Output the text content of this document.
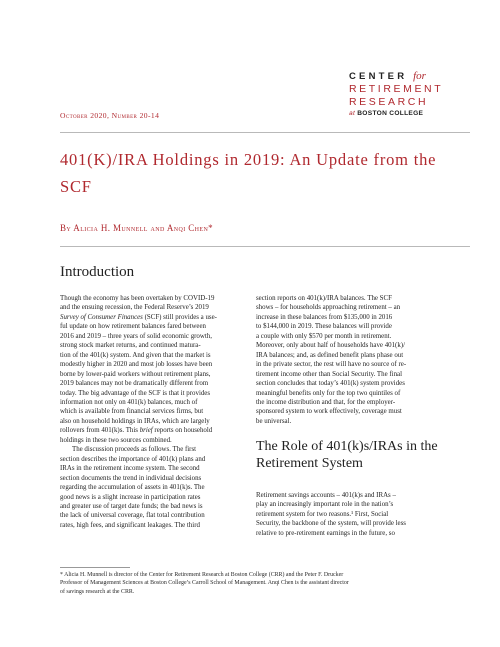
CENTER for
RETIREMENT
RESEARCH
at BOSTON COLLEGE
October 2020, Number 20-14
401(K)/IRA Holdings in 2019: An Update from the SCF
By Alicia H. Munnell and Anqi Chen*
Introduction

Though the economy has been overtaken by COVID-19
and the ensuing recession, the Federal Reserve’s 2019
Survey of Consumer Finances (SCF) still provides a use-
ful update on how retirement balances fared between
2016 and 2019 – three years of solid economic growth,
strong stock market returns, and continued matura-
tion of the 401(k) system. And given that the market is
modestly higher in 2020 and most job losses have been
borne by lower-paid workers without retirement plans,
2019 balances may not be dramatically different from
today. The big advantage of the SCF is that it provides
information not only on 401(k) balances, much of
which is available from financial services firms, but
also on household holdings in IRAs, which are largely
rollovers from 401(k)s. This brief reports on household
holdings in these two sources combined.

The discussion proceeds as follows. The first
section describes the importance of 401(k) plans and
IRAs in the retirement income system. The second
section documents the trend in individual decisions
regarding the accumulation of assets in 401(k)s. The
good news is a slight increase in participation rates
and greater use of target date funds; the bad news is
the lack of universal coverage, flat total contribution
rates, high fees, and significant leakages. The third

section reports on 401(k)/IRA balances. The SCF
shows – for households approaching retirement – an
increase in these balances from $135,000 in 2016
to $144,000 in 2019. These balances will provide
a couple with only $570 per month in retirement.
Moreover, only about half of households have 401(k)/
IRA balances; and, as defined benefit plans phase out
in the private sector, the rest will have no source of re-
tirement income other than Social Security. The final
section concludes that today’s 401(k) system provides
meaningful benefits only for the top two quintiles of
the income distribution and that, for the employer-
sponsored system to work effectively, coverage must
be universal.

The Role of 401(k)s/IRAs in the Retirement System

Retirement savings accounts – 401(k)s and IRAs –
play an increasingly important role in the nation’s
retirement system for two reasons.¹ First, Social
Security, the backbone of the system, will provide less
relative to pre-retirement earnings in the future, so

* Alicia H. Munnell is director of the Center for Retirement Research at Boston College (CRR) and the Peter F. Drucker
Professor of Management Sciences at Boston College’s Carroll School of Management. Anqi Chen is the assistant director
of savings research at the CRR.
